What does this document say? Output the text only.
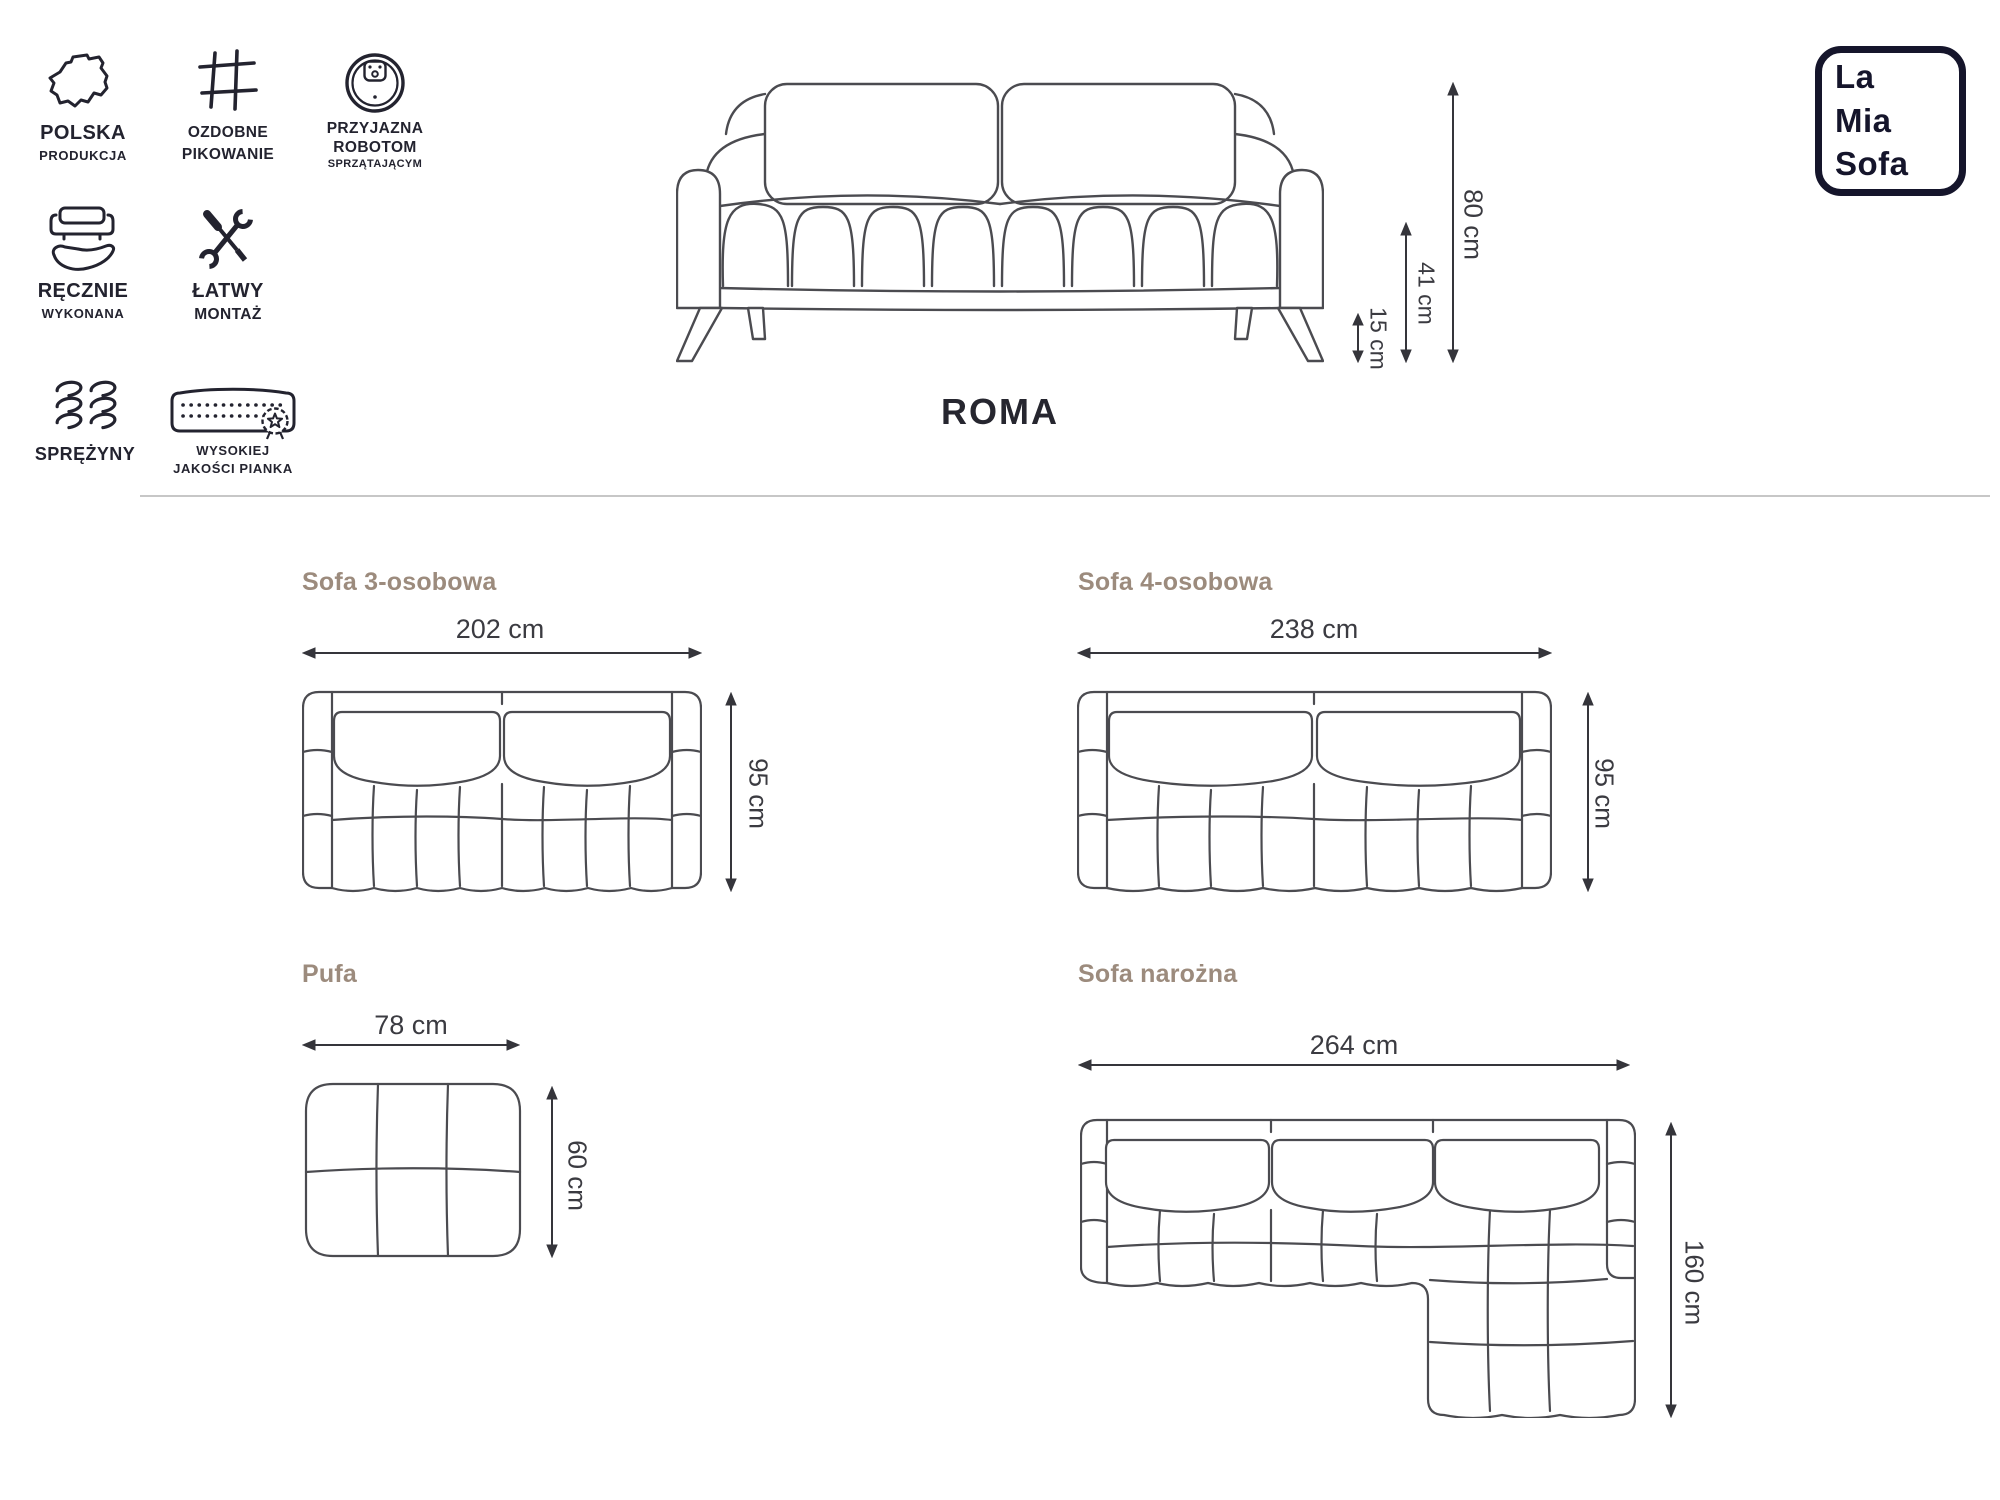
POLSKA
PRODUKCJA
OZDOBNE
PIKOWANIE
PRZYJAZNA
ROBOTOM
SPRZĄTAJĄCYM
RĘCZNIE
WYKONANA
ŁATWY
MONTAŻ
SPRĘŻYNY	WYSOKIEJ
JAKOŚCI PIANKA
80 cm
41 cm
15 cm
ROMA
La
Mia
Sofa
Sofa 3-osobowa
202 cm
95 cm
Sofa 4-osobowa
238 cm
95 cm
Pufa
78 cm
60 cm
Sofa narożna
264 cm
160 cm
